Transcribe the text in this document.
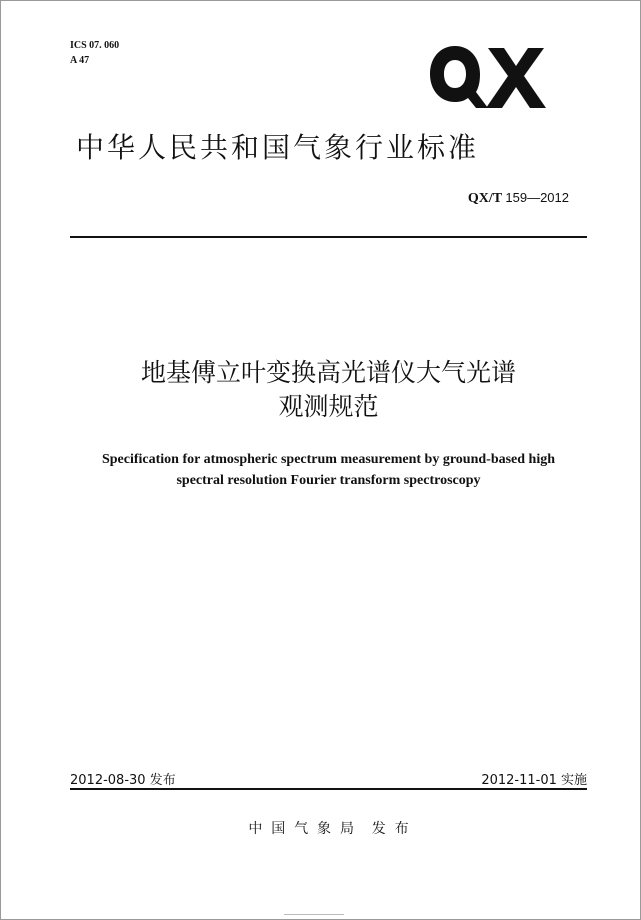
ICS 07. 060
A 47
中华人民共和国气象行业标准
QX/T 159—2012
地基傅立叶变换高光谱仪大气光谱
观测规范
Specification for atmospheric spectrum measurement by ground-based high
spectral resolution Fourier transform spectroscopy
2012-08-30 发布	2012-11-01 实施
中  国  气  象  局    发  布
